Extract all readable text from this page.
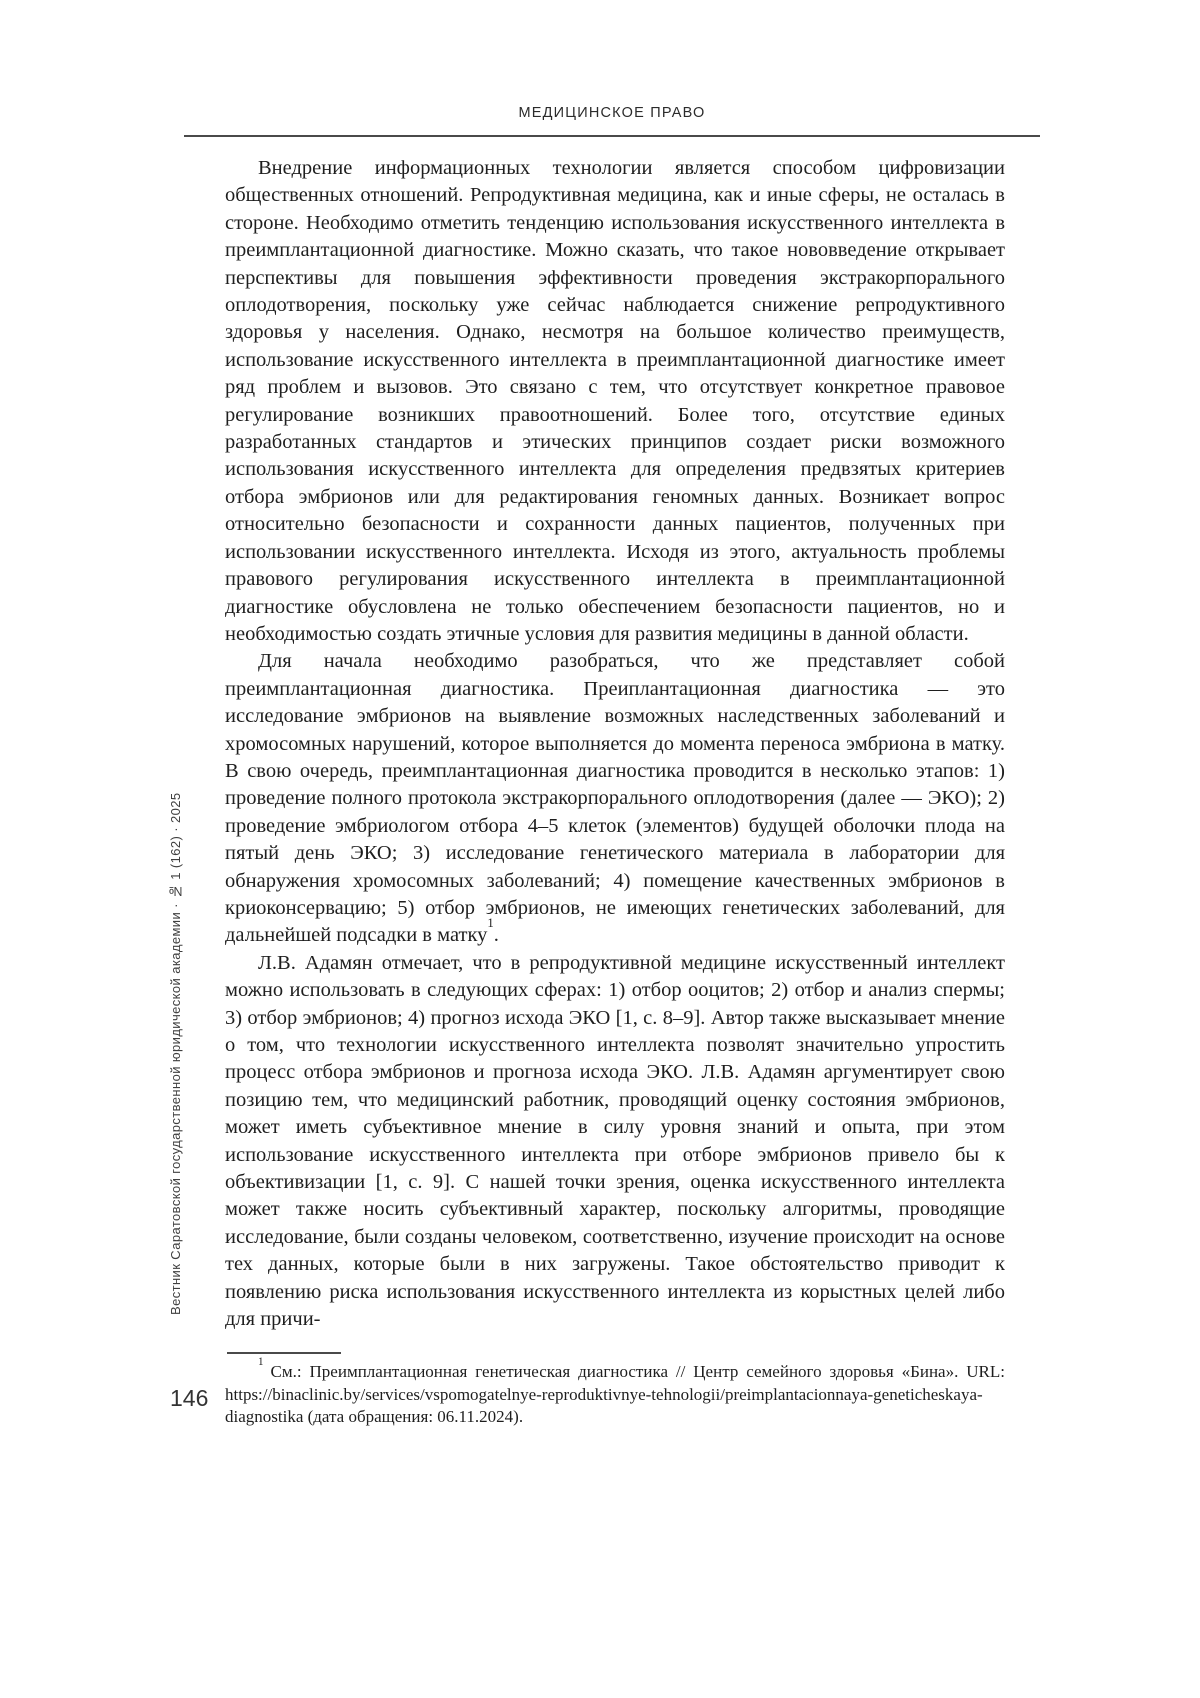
МЕДИЦИНСКОЕ ПРАВО

Внедрение информационных технологии является способом цифровизации общественных отношений. Репродуктивная медицина, как и иные сферы, не осталась в стороне. Необходимо отметить тенденцию использования искусственного интеллекта в преимплантационной диагностике. Можно сказать, что такое нововведение открывает перспективы для повышения эффективности проведения экстракорпорального оплодотворения, поскольку уже сейчас наблюдается снижение репродуктивного здоровья у населения. Однако, несмотря на большое количество преимуществ, использование искусственного интеллекта в преимплантационной диагностике имеет ряд проблем и вызовов. Это связано с тем, что отсутствует конкретное правовое регулирование возникших правоотношений. Более того, отсутствие единых разработанных стандартов и этических принципов создает риски возможного использования искусственного интеллекта для определения предвзятых критериев отбора эмбрионов или для редактирования геномных данных. Возникает вопрос относительно безопасности и сохранности данных пациентов, полученных при использовании искусственного интеллекта. Исходя из этого, актуальность проблемы правового регулирования искусственного интеллекта в преимплантационной диагностике обусловлена не только обеспечением безопасности пациентов, но и необходимостью создать этичные условия для развития медицины в данной области.

Для начала необходимо разобраться, что же представляет собой преимплантационная диагностика. Преиплантационная диагностика — это исследование эмбрионов на выявление возможных наследственных заболеваний и хромосомных нарушений, которое выполняется до момента переноса эмбриона в матку. В свою очередь, преимплантационная диагностика проводится в несколько этапов: 1) проведение полного протокола экстракорпорального оплодотворения (далее — ЭКО); 2) проведение эмбриологом отбора 4–5 клеток (элементов) будущей оболочки плода на пятый день ЭКО; 3) исследование генетического материала в лаборатории для обнаружения хромосомных заболеваний; 4) помещение качественных эмбрионов в криоконсервацию; 5) отбор эмбрионов, не имеющих генетических заболеваний, для дальнейшей подсадки в матку$^1$.

Л.В. Адамян отмечает, что в репродуктивной медицине искусственный интеллект можно использовать в следующих сферах: 1) отбор ооцитов; 2) отбор и анализ спермы; 3) отбор эмбрионов; 4) прогноз исхода ЭКО [1, с. 8–9]. Автор также высказывает мнение о том, что технологии искусственного интеллекта позволят значительно упростить процесс отбора эмбрионов и прогноза исхода ЭКО. Л.В. Адамян аргументирует свою позицию тем, что медицинский работник, проводящий оценку состояния эмбрионов, может иметь субъективное мнение в силу уровня знаний и опыта, при этом использование искусственного интеллекта при отборе эмбрионов привело бы к объективизации [1, с. 9]. С нашей точки зрения, оценка искусственного интеллекта может также носить субъективный характер, поскольку алгоритмы, проводящие исследование, были созданы человеком, соответственно, изучение происходит на основе тех данных, которые были в них загружены. Такое обстоятельство приводит к появлению риска использования искусственного интеллекта из корыстных целей либо для причи-

$^1$См.: Преимплантационная генетическая диагностика // Центр семейного здоровья «Бина». URL: https://binaclinic.by/services/vspomogatelnye-reproduktivnye-tehnologii/preimplantacionnaya-geneticheskaya-diagnostika (дата обращения: 06.11.2024).

Вестник Саратовской государственной юридической академии · № 1 (162) · 2025
146
